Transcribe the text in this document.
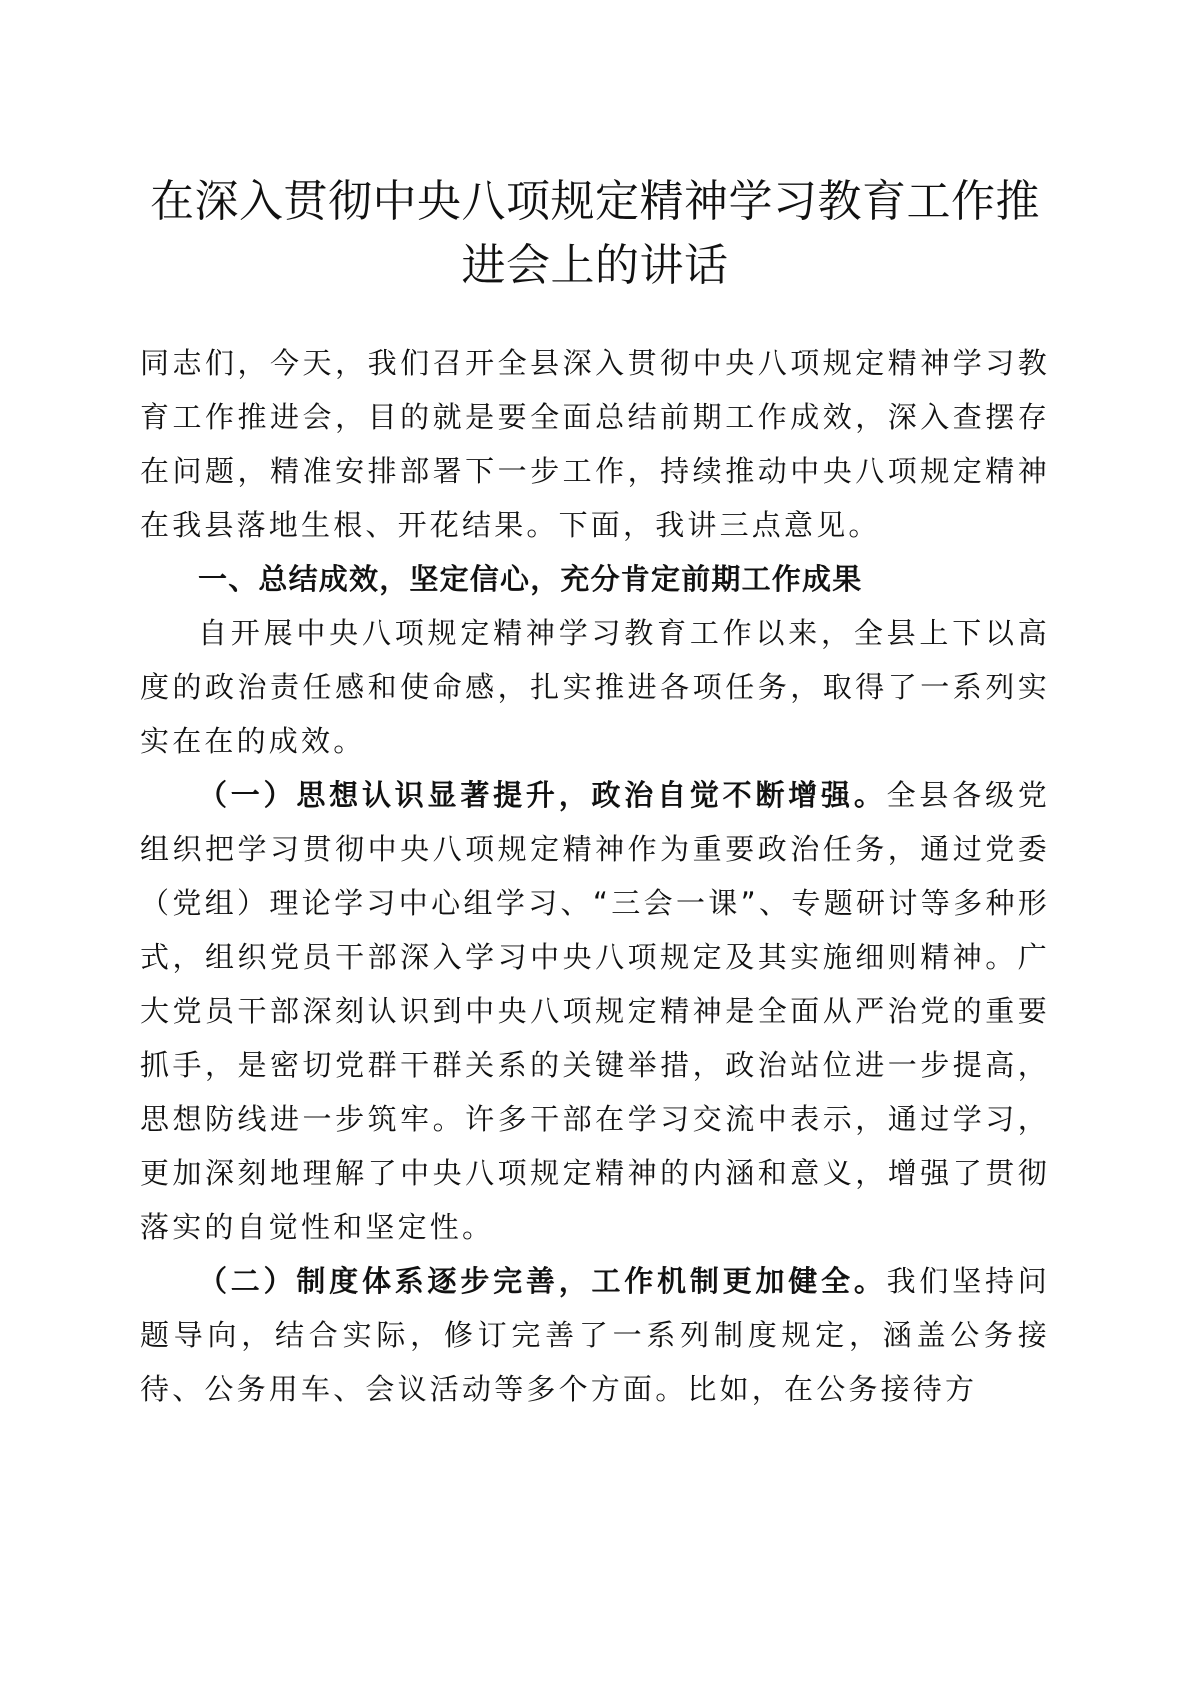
在深入贯彻中央八项规定精神学习教育工作推进会上的讲话

同志们，今天，我们召开全县深入贯彻中央八项规定精神学习教育工作推进会，目的就是要全面总结前期工作成效，深入查摆存在问题，精准安排部署下一步工作，持续推动中央八项规定精神在我县落地生根、开花结果。下面，我讲三点意见。

一、总结成效，坚定信心，充分肯定前期工作成果

自开展中央八项规定精神学习教育工作以来，全县上下以高度的政治责任感和使命感，扎实推进各项任务，取得了一系列实实在在的成效。

（一）思想认识显著提升，政治自觉不断增强。全县各级党组织把学习贯彻中央八项规定精神作为重要政治任务，通过党委（党组）理论学习中心组学习、“三会一课”、专题研讨等多种形式，组织党员干部深入学习中央八项规定及其实施细则精神。广大党员干部深刻认识到中央八项规定精神是全面从严治党的重要抓手，是密切党群干群关系的关键举措，政治站位进一步提高，思想防线进一步筑牢。许多干部在学习交流中表示，通过学习，更加深刻地理解了中央八项规定精神的内涵和意义，增强了贯彻落实的自觉性和坚定性。

（二）制度体系逐步完善，工作机制更加健全。我们坚持问题导向，结合实际，修订完善了一系列制度规定，涵盖公务接待、公务用车、会议活动等多个方面。比如，在公务接待方
